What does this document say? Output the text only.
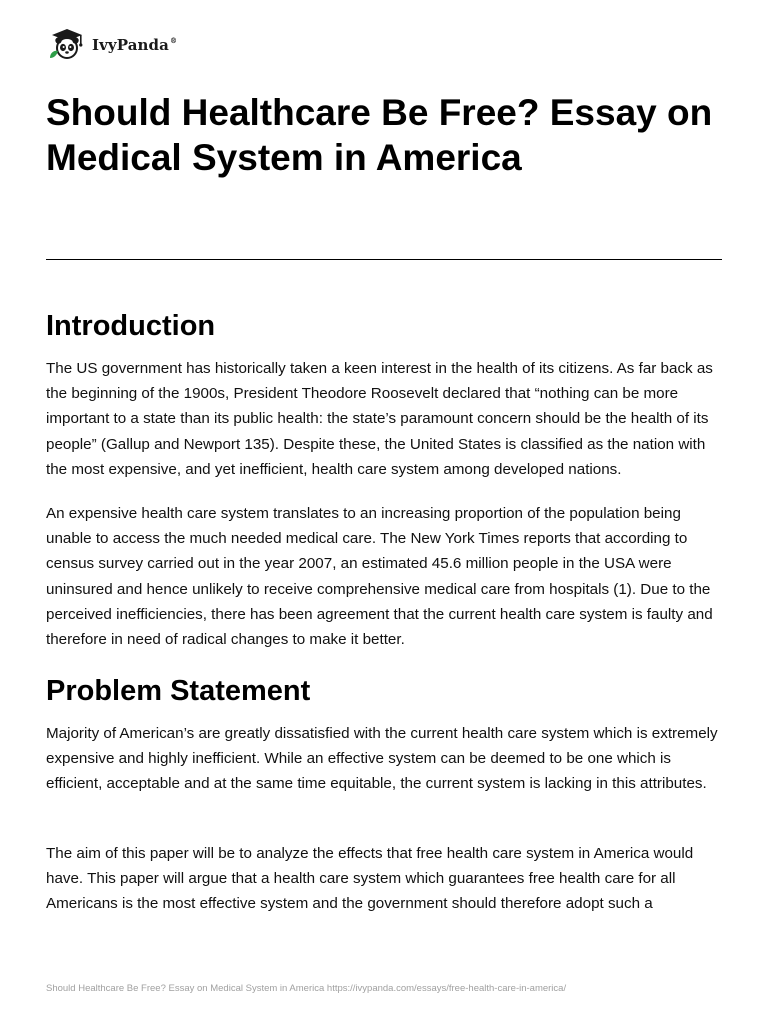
IvyPanda®
Should Healthcare Be Free? Essay on Medical System in America
Introduction

The US government has historically taken a keen interest in the health of its citizens. As far back as the beginning of the 1900s, President Theodore Roosevelt declared that “nothing can be more important to a state than its public health: the state’s paramount concern should be the health of its people” (Gallup and Newport 135). Despite these, the United States is classified as the nation with the most expensive, and yet inefficient, health care system among developed nations.

An expensive health care system translates to an increasing proportion of the population being unable to access the much needed medical care. The New York Times reports that according to census survey carried out in the year 2007, an estimated 45.6 million people in the USA were uninsured and hence unlikely to receive comprehensive medical care from hospitals (1). Due to the perceived inefficiencies, there has been agreement that the current health care system is faulty and therefore in need of radical changes to make it better.

Problem Statement

Majority of American’s are greatly dissatisfied with the current health care system which is extremely expensive and highly inefficient. While an effective system can be deemed to be one which is efficient, acceptable and at the same time equitable, the current system is lacking in this attributes.

The aim of this paper will be to analyze the effects that free health care system in America would have. This paper will argue that a health care system which guarantees free health care for all Americans is the most effective system and the government should therefore adopt such a

Should Healthcare Be Free? Essay on Medical System in America https://ivypanda.com/essays/free-health-care-in-america/
